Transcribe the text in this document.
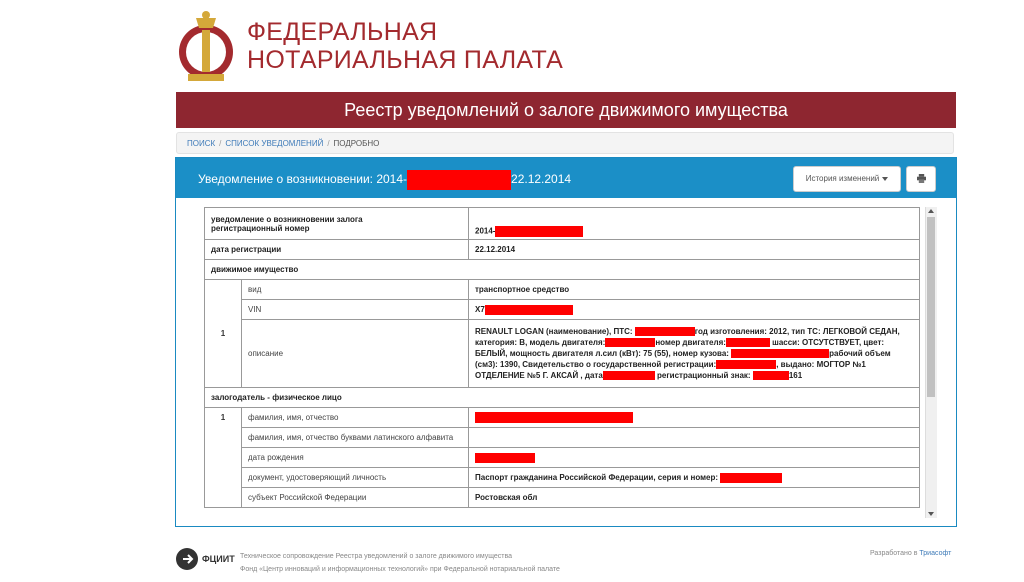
ФЕДЕРАЛЬНАЯ
НОТАРИАЛЬНАЯ ПАЛАТА
Реестр уведомлений о залоге движимого имущества
ПОИСК / СПИСОК УВЕДОМЛЕНИЙ / ПОДРОБНО
Уведомление о возникновении: 2014-	22.12.2014	История изменений
уведомление о возникновении залога
регистрационный номер		2014-
дата регистрации		22.12.2014
движимое имущество		
1	вид	транспортное средство
	VIN	X7
	описание	RENAULT LOGAN (наименование), ПТС: год изготовления: 2012, тип ТС: ЛЕГКОВОЙ СЕДАН, категория: В, модель двигателя: номер двигателя: шасси: ОТСУТСТВУЕТ, цвет: БЕЛЫЙ, мощность двигателя л.сил (кВт): 75 (55), номер кузова: рабочий объем (см3): 1390, Свидетельство о государственной регистрации: , выдано: МОГТОР №1 ОТДЕЛЕНИЕ №5 Г. АКСАЙ , дата регистрационный знак: 161
залогодатель - физическое лицо		
1	фамилия, имя, отчество	
	фамилия, имя, отчество буквами латинского алфавита	
	дата рождения	
	документ, удостоверяющий личность	Паспорт гражданина Российской Федерации, серия и номер:
	субъект Российской Федерации	Ростовская обл
ФЦИИТ Техническое сопровождение Реестра уведомлений о залоге движимого имущества
Фонд «Центр инноваций и информационных технологий» при Федеральной нотариальной палате
Разработано в Триасофт
